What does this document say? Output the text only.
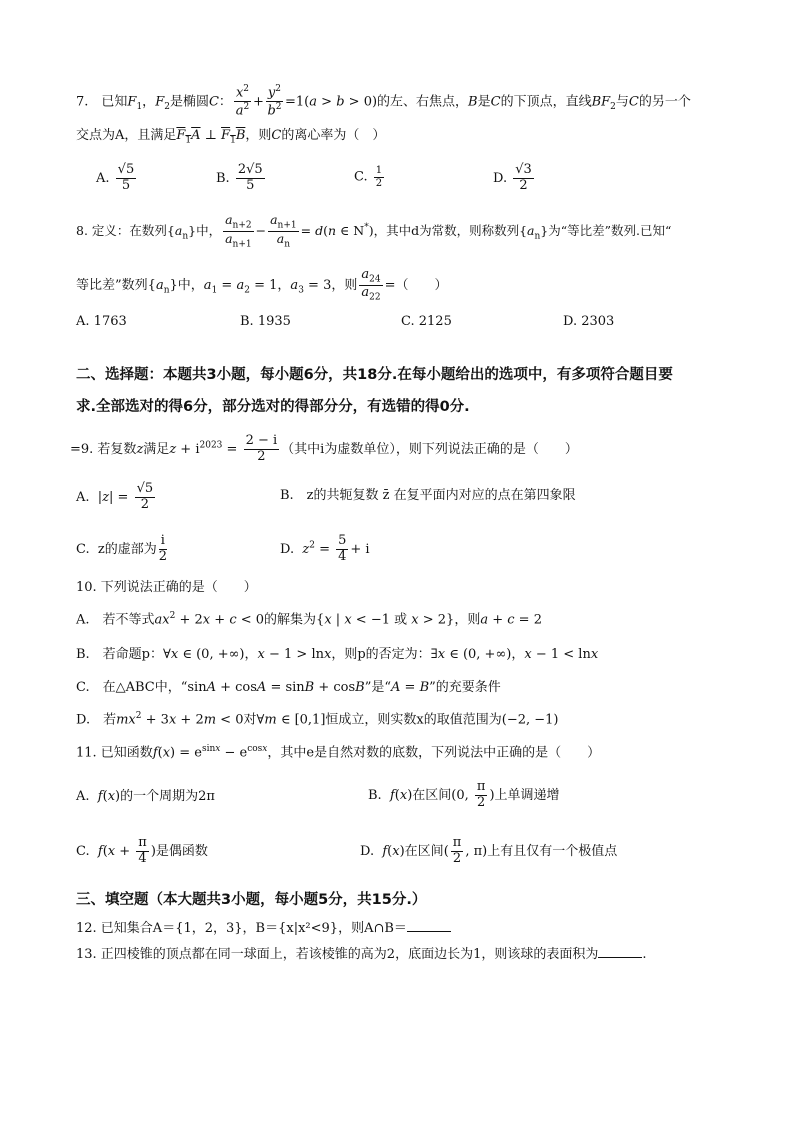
7.　已知$F_1$，$F_2$是椭圆C： $\frac{x^2}{a^2} + \frac{y^2}{b^2} =1(a > b > 0)$的左、右焦点，B是C的下顶点，直线$BF_2$与C的另一个
交点为A，且满足$F_1A$ ⊥ $F_1B$，则C的离心率为（　）
A. $\frac{√5}{5}$	B. $\frac{2√5}{5}$	C. $\frac{1}{2}$	D. $\frac{√3}{2}$
8. 定义：在数列$\{a_n\}$中， $\frac{a_{n+2}}{a_{n+1}} - \frac{a_{n+1}}{a_n} = d(n$ ∈ N*)，其中d为常数，则称数列$\{a_n\}$为“等比差”数列.已知“
等比差”数列$\{a_n\}$中，$a_1 = a_2 = 1$，$a_3 = 3$，则 $\frac{a_{24}}{a_{22}}$ =（　　）
A. 1763	B. 1935	C. 2125	D. 2303
二、选择题：本题共3小题，每小题6分，共18分.在每小题给出的选项中，有多项符合题目要
求.全部选对的得6分，部分选对的得部分分，有选错的得0分.
=9. 若复数z满足$z + i^{2023} = \frac{2 - i}{2}$ （其中i为虚数单位），则下列说法正确的是（　　）
A.  $|z| = \frac{√5}{2}$	B.　z的共轭复数 z̄ 在复平面内对应的点在第四象限
C. z的虚部为 $\frac{i}{2}$	D. $z^2 = \frac{5}{4} + i$
10. 下列说法正确的是（　　）
A.　若不等式$ax^2 + 2x + c < 0$的解集为{x | x < −1 或 x > 2}，则a + c = 2
B.　若命题p：∀x ∈ (0, +∞)，x − 1 > lnx，则p的否定为：∃x ∈ (0, +∞)，x − 1 < lnx
C.　在△ABC中，“sinA + cosA = sinB + cosB”是“A = B”的充要条件
D.　若$mx^2 + 3x + 2m < 0$对∀m ∈ [0,1]恒成立，则实数x的取值范围为(−2, −1)
11. 已知函数$f(x) = e^{sinx} - e^{cosx}$，其中e是自然对数的底数，下列说法中正确的是（　　）
A. f(x)的一个周期为2π	B. f(x)在区间(0, $\frac{\pi}{2}$ )上单调递增
C. $f(x + \frac{\pi}{4}$ )是偶函数	D. f(x)在区间( $\frac{\pi}{2}$ , π)上有且仅有一个极值点
三、填空题（本大题共3小题，每小题5分，共15分.）
12. 已知集合A＝{1，2，3}，B＝{x|x²<9}，则A∩B＝
13. 正四棱锥的顶点都在同一球面上，若该棱锥的高为2，底面边长为1，则该球的表面积为	.
